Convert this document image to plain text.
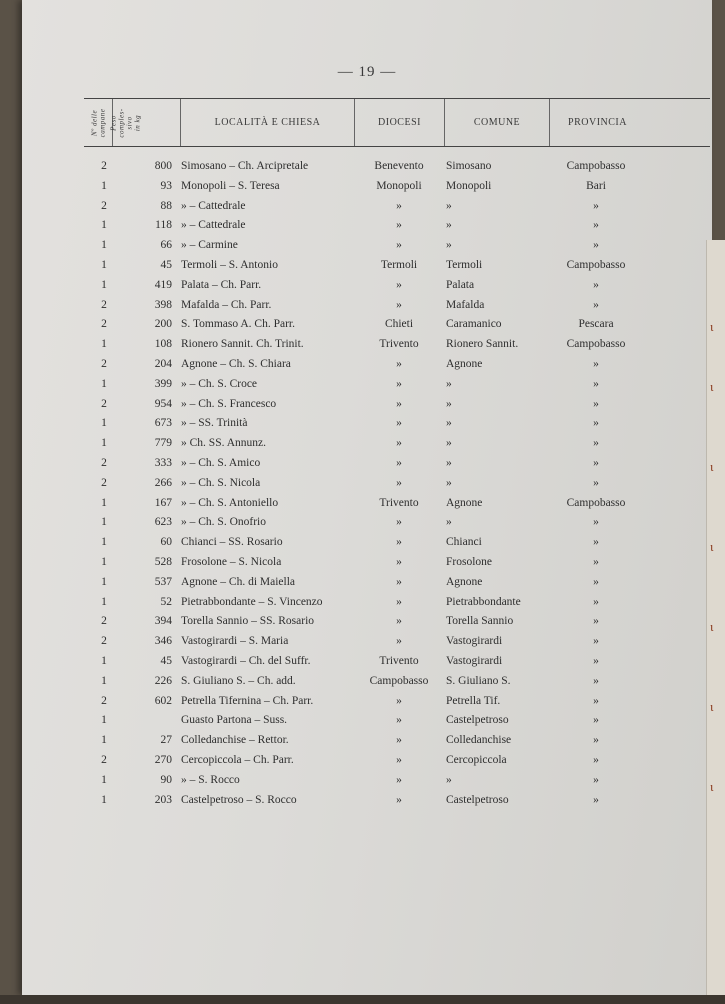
— 19 —
Nº delle
campane Peso
comples-
sivo
in kg	LOCALITÀ E CHIESA	DIOCESI	COMUNE	PROVINCIA
2	800 Simosano – Ch. Arcipretale	Benevento	Simosano	Campobasso
1	93 Monopoli – S. Teresa	Monopoli	Monopoli	Bari
2	88 » – Cattedrale	»	»	»
1	118 » – Cattedrale	»	»	»
1	66 » – Carmine	»	»	»
1	45 Termoli – S. Antonio	Termoli	Termoli	Campobasso
1	419 Palata – Ch. Parr.	»	Palata	»
2	398 Mafalda – Ch. Parr.	»	Mafalda	»
2	200 S. Tommaso A. Ch. Parr.	Chieti	Caramanico	Pescara
1	108 Rionero Sannit. Ch. Trinit.	Trivento	Rionero Sannit.	Campobasso
2	204 Agnone – Ch. S. Chiara	»	Agnone	»
1	399 » – Ch. S. Croce	»	»	»
2	954 » – Ch. S. Francesco	»	»	»
1	673 » – SS. Trinità	»	»	»
1	779 » Ch. SS. Annunz.	»	»	»
2	333 » – Ch. S. Amico	»	»	»
2	266 » – Ch. S. Nicola	»	»	»
1	167 » – Ch. S. Antoniello	Trivento	Agnone	Campobasso
1	623 » – Ch. S. Onofrio	»	»	»
1	60 Chianci – SS. Rosario	»	Chianci	»
1	528 Frosolone – S. Nicola	»	Frosolone	»
1	537 Agnone – Ch. di Maiella	»	Agnone	»
1	52 Pietrabbondante – S. Vincenzo	»	Pietrabbondante	»
2	394 Torella Sannio – SS. Rosario	»	Torella Sannio	»
2	346 Vastogirardi – S. Maria	»	Vastogirardi	»
1	45 Vastogirardi – Ch. del Suffr.	Trivento	Vastogirardi	»
1	226 S. Giuliano S. – Ch. add.	Campobasso	S. Giuliano S.	»
2	602 Petrella Tifernina – Ch. Parr.	»	Petrella Tif.	»
1	Guasto Partona – Suss.	»	Castelpetroso	»
1	27 Colledanchise – Rettor.	»	Colledanchise	»
2	270 Cercopiccola – Ch. Parr.	»	Cercopiccola	»
1	90 » – S. Rocco	»	»	»
1	203 Castelpetroso – S. Rocco	»	Castelpetroso	»
ι
ι
ι
ι
ι
ι
ι
